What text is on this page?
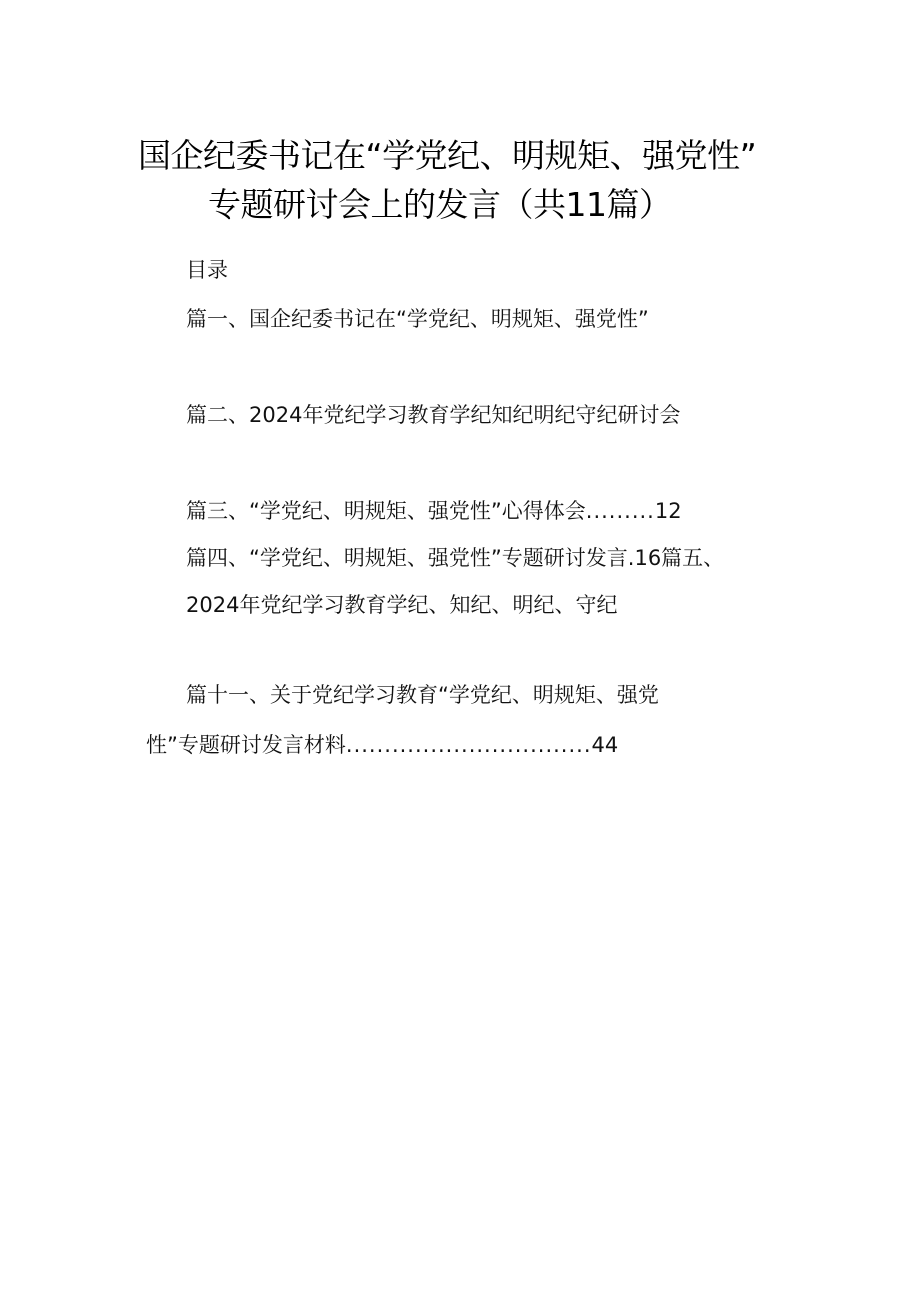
国企纪委书记在“学党纪、明规矩、强党性”
专题研讨会上的发言（共11篇）
目录
篇一、国企纪委书记在“学党纪、明规矩、强党性”
篇二、2024年党纪学习教育学纪知纪明纪守纪研讨会
篇三、“学党纪、明规矩、强党性”心得体会.........12
篇四、“学党纪、明规矩、强党性”专题研讨发言.16篇五、
2024年党纪学习教育学纪、知纪、明纪、守纪
篇十一、关于党纪学习教育“学党纪、明规矩、强党
性”专题研讨发言材料................................44
